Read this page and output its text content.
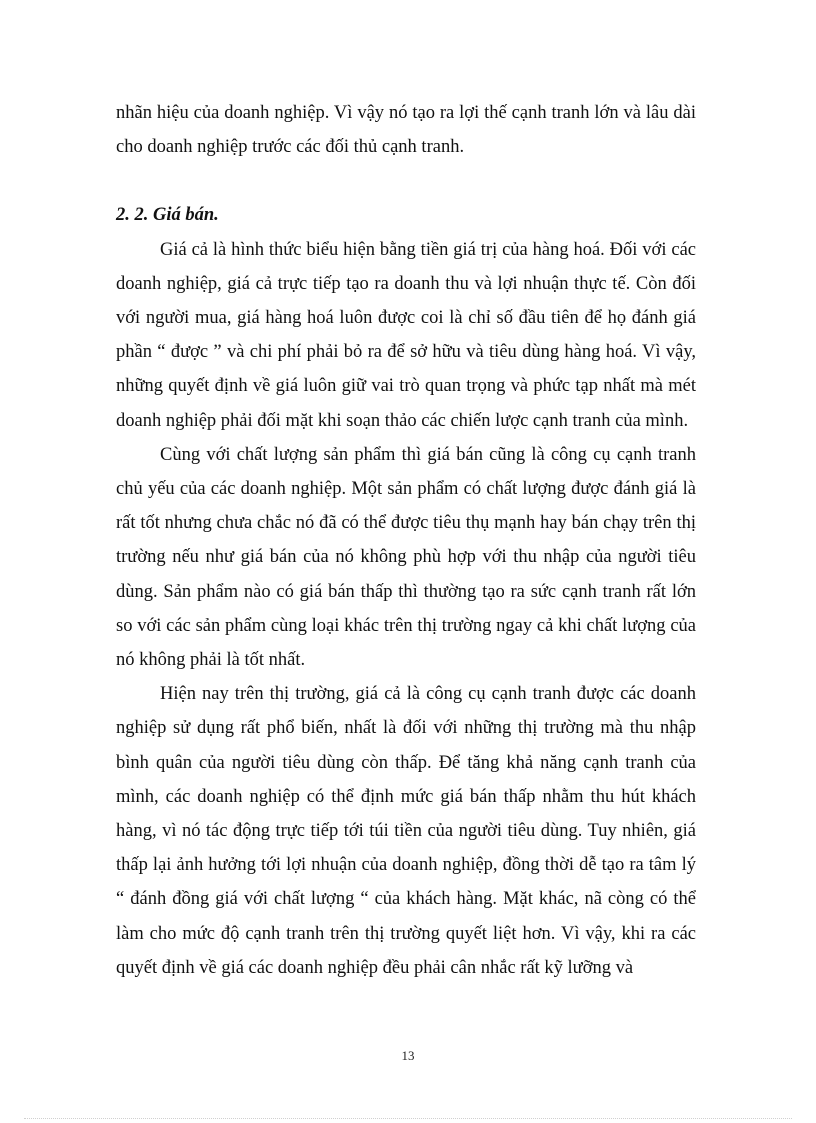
nhãn hiệu của doanh nghiệp. Vì vậy nó tạo ra lợi thế cạnh tranh lớn và lâu dài cho doanh nghiệp trước các đối thủ cạnh tranh.

2. 2. Giá bán.

Giá cả là hình thức biểu hiện bằng tiền giá trị của hàng hoá. Đối với các doanh nghiệp, giá cả trực tiếp tạo ra doanh thu và lợi nhuận thực tế. Còn đối với người mua, giá hàng hoá luôn được coi là chỉ số đầu tiên để họ đánh giá phần “ được ” và chi phí phải bỏ ra để sở hữu và tiêu dùng hàng hoá. Vì vậy, những quyết định về giá luôn giữ vai trò quan trọng và phức tạp nhất mà mét doanh nghiệp phải đối mặt khi soạn thảo các chiến lược cạnh tranh của mình.

Cùng với chất lượng sản phẩm thì giá bán cũng là công cụ cạnh tranh chủ yếu của các doanh nghiệp. Một sản phẩm có chất lượng được đánh giá là rất tốt nhưng chưa chắc nó đã có thể được tiêu thụ mạnh hay bán chạy trên thị trường nếu như giá bán của nó không phù hợp với thu nhập của người tiêu dùng. Sản phẩm nào có giá bán thấp thì thường tạo ra sức cạnh tranh rất lớn so với các sản phẩm cùng loại khác trên thị trường ngay cả khi chất lượng của nó không phải là tốt nhất.

Hiện nay trên thị trường, giá cả là công cụ cạnh tranh được các doanh nghiệp sử dụng rất phổ biến, nhất là đối với những thị trường mà thu nhập bình quân của người tiêu dùng còn thấp. Để tăng khả năng cạnh tranh của mình, các doanh nghiệp có thể định mức giá bán thấp nhằm thu hút khách hàng, vì nó tác động trực tiếp tới túi tiền của người tiêu dùng. Tuy nhiên, giá thấp lại ảnh hưởng tới lợi nhuận của doanh nghiệp, đồng thời dễ tạo ra tâm lý “ đánh đồng giá với chất lượng “ của khách hàng. Mặt khác, nã còng có thể làm cho mức độ cạnh tranh trên thị trường quyết liệt hơn. Vì vậy, khi ra các quyết định về giá các doanh nghiệp đều phải cân nhắc rất kỹ lưỡng và

13
